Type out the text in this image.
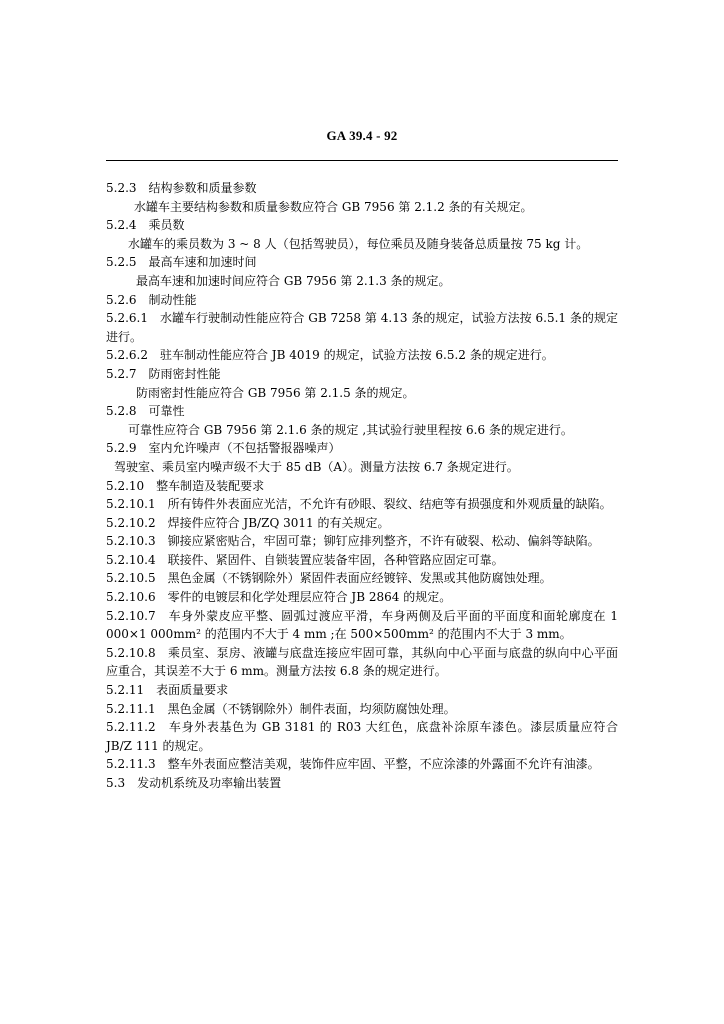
GA 39.4 - 92

5.2.3　结构参数和质量参数

水罐车主要结构参数和质量参数应符合 GB 7956 第 2.1.2 条的有关规定。

5.2.4　乘员数

水罐车的乘员数为 3 ~ 8 人（包括驾驶员），每位乘员及随身装备总质量按 75 kg 计。

5.2.5　最高车速和加速时间

最高车速和加速时间应符合 GB 7956 第 2.1.3 条的规定。

5.2.6　制动性能

5.2.6.1　水罐车行驶制动性能应符合 GB 7258 第 4.13 条的规定，试验方法按 6.5.1 条的规定进行。

5.2.6.2　驻车制动性能应符合 JB 4019 的规定，试验方法按 6.5.2 条的规定进行。

5.2.7　防雨密封性能

防雨密封性能应符合 GB 7956 第 2.1.5 条的规定。

5.2.8　可靠性

可靠性应符合 GB 7956 第 2.1.6 条的规定 ,其试验行驶里程按 6.6 条的规定进行。

5.2.9　室内允许噪声（不包括警报器噪声）

驾驶室、乘员室内噪声级不大于 85 dB（A）。测量方法按 6.7 条规定进行。

5.2.10　整车制造及装配要求

5.2.10.1　所有铸件外表面应光洁，不允许有砂眼、裂纹、结疤等有损强度和外观质量的缺陷。

5.2.10.2　焊接件应符合 JB/ZQ 3011 的有关规定。

5.2.10.3　铆接应紧密贴合，牢固可靠；铆钉应排列整齐，不许有破裂、松动、偏斜等缺陷。

5.2.10.4　联接件、紧固件、自锁装置应装备牢固，各种管路应固定可靠。

5.2.10.5　黑色金属（不锈钢除外）紧固件表面应经镀锌、发黑或其他防腐蚀处理。

5.2.10.6　零件的电镀层和化学处理层应符合 JB 2864 的规定。

5.2.10.7　车身外蒙皮应平整、圆弧过渡应平滑，车身两侧及后平面的平面度和面轮廓度在 1 000×1 000mm² 的范围内不大于 4 mm ;在 500×500mm² 的范围内不大于 3 mm。

5.2.10.8　乘员室、泵房、液罐与底盘连接应牢固可靠，其纵向中心平面与底盘的纵向中心平面应重合，其误差不大于 6 mm。测量方法按 6.8 条的规定进行。

5.2.11　表面质量要求

5.2.11.1　黑色金属（不锈钢除外）制件表面，均须防腐蚀处理。

5.2.11.2　车身外表基色为 GB 3181 的 R03 大红色，底盘补涂原车漆色。漆层质量应符合 JB/Z 111 的规定。

5.2.11.3　整车外表面应整洁美观，装饰件应牢固、平整，不应涂漆的外露面不允许有油漆。

5.3　发动机系统及功率输出装置
